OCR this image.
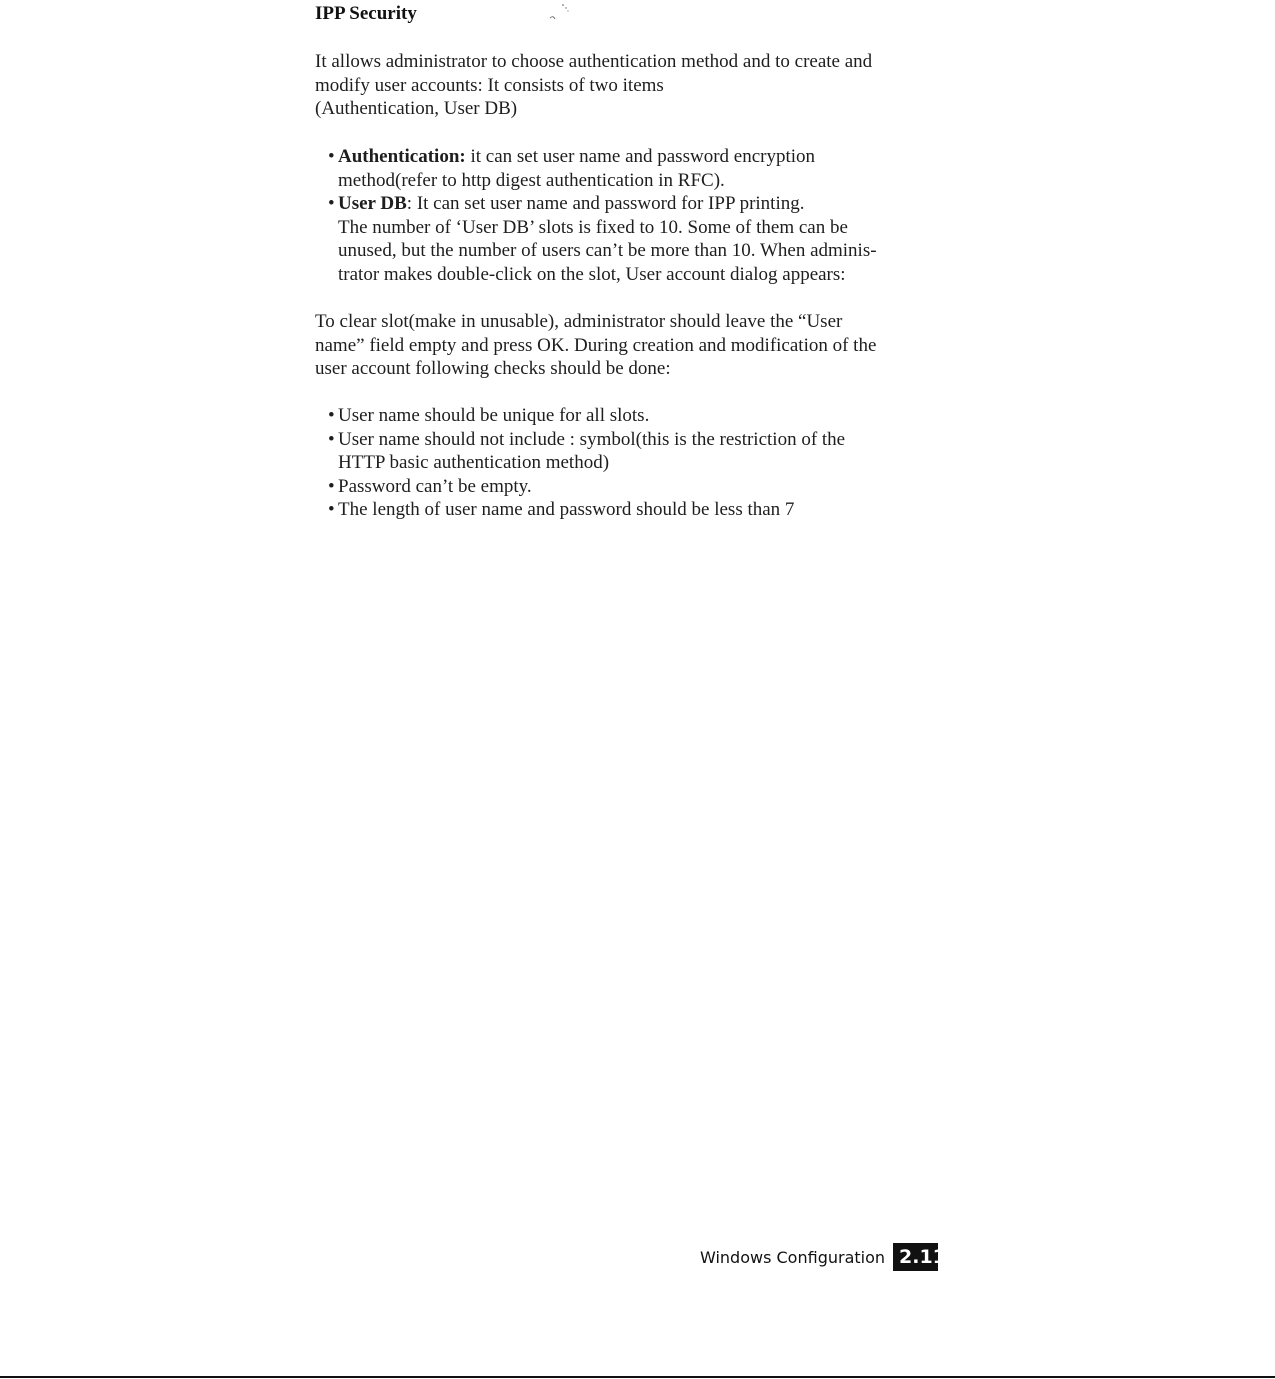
IPP Security

It allows administrator to choose authentication method and to create and
modify user accounts: It consists of two items
(Authentication, User DB)

• Authentication: it can set user name and password encryption
method(refer to http digest authentication in RFC).
• User DB: It can set user name and password for IPP printing.
The number of ‘User DB’ slots is fixed to 10. Some of them can be
unused, but the number of users can’t be more than 10. When adminis-
trator makes double-click on the slot, User account dialog appears:

To clear slot(make in unusable), administrator should leave the “User
name” field empty and press OK. During creation and modification of the
user account following checks should be done:

• User name should be unique for all slots.
• User name should not include : symbol(this is the restriction of the
HTTP basic authentication method)
• Password can’t be empty.
• The length of user name and password should be less than 7
Windows Configuration 2.11
